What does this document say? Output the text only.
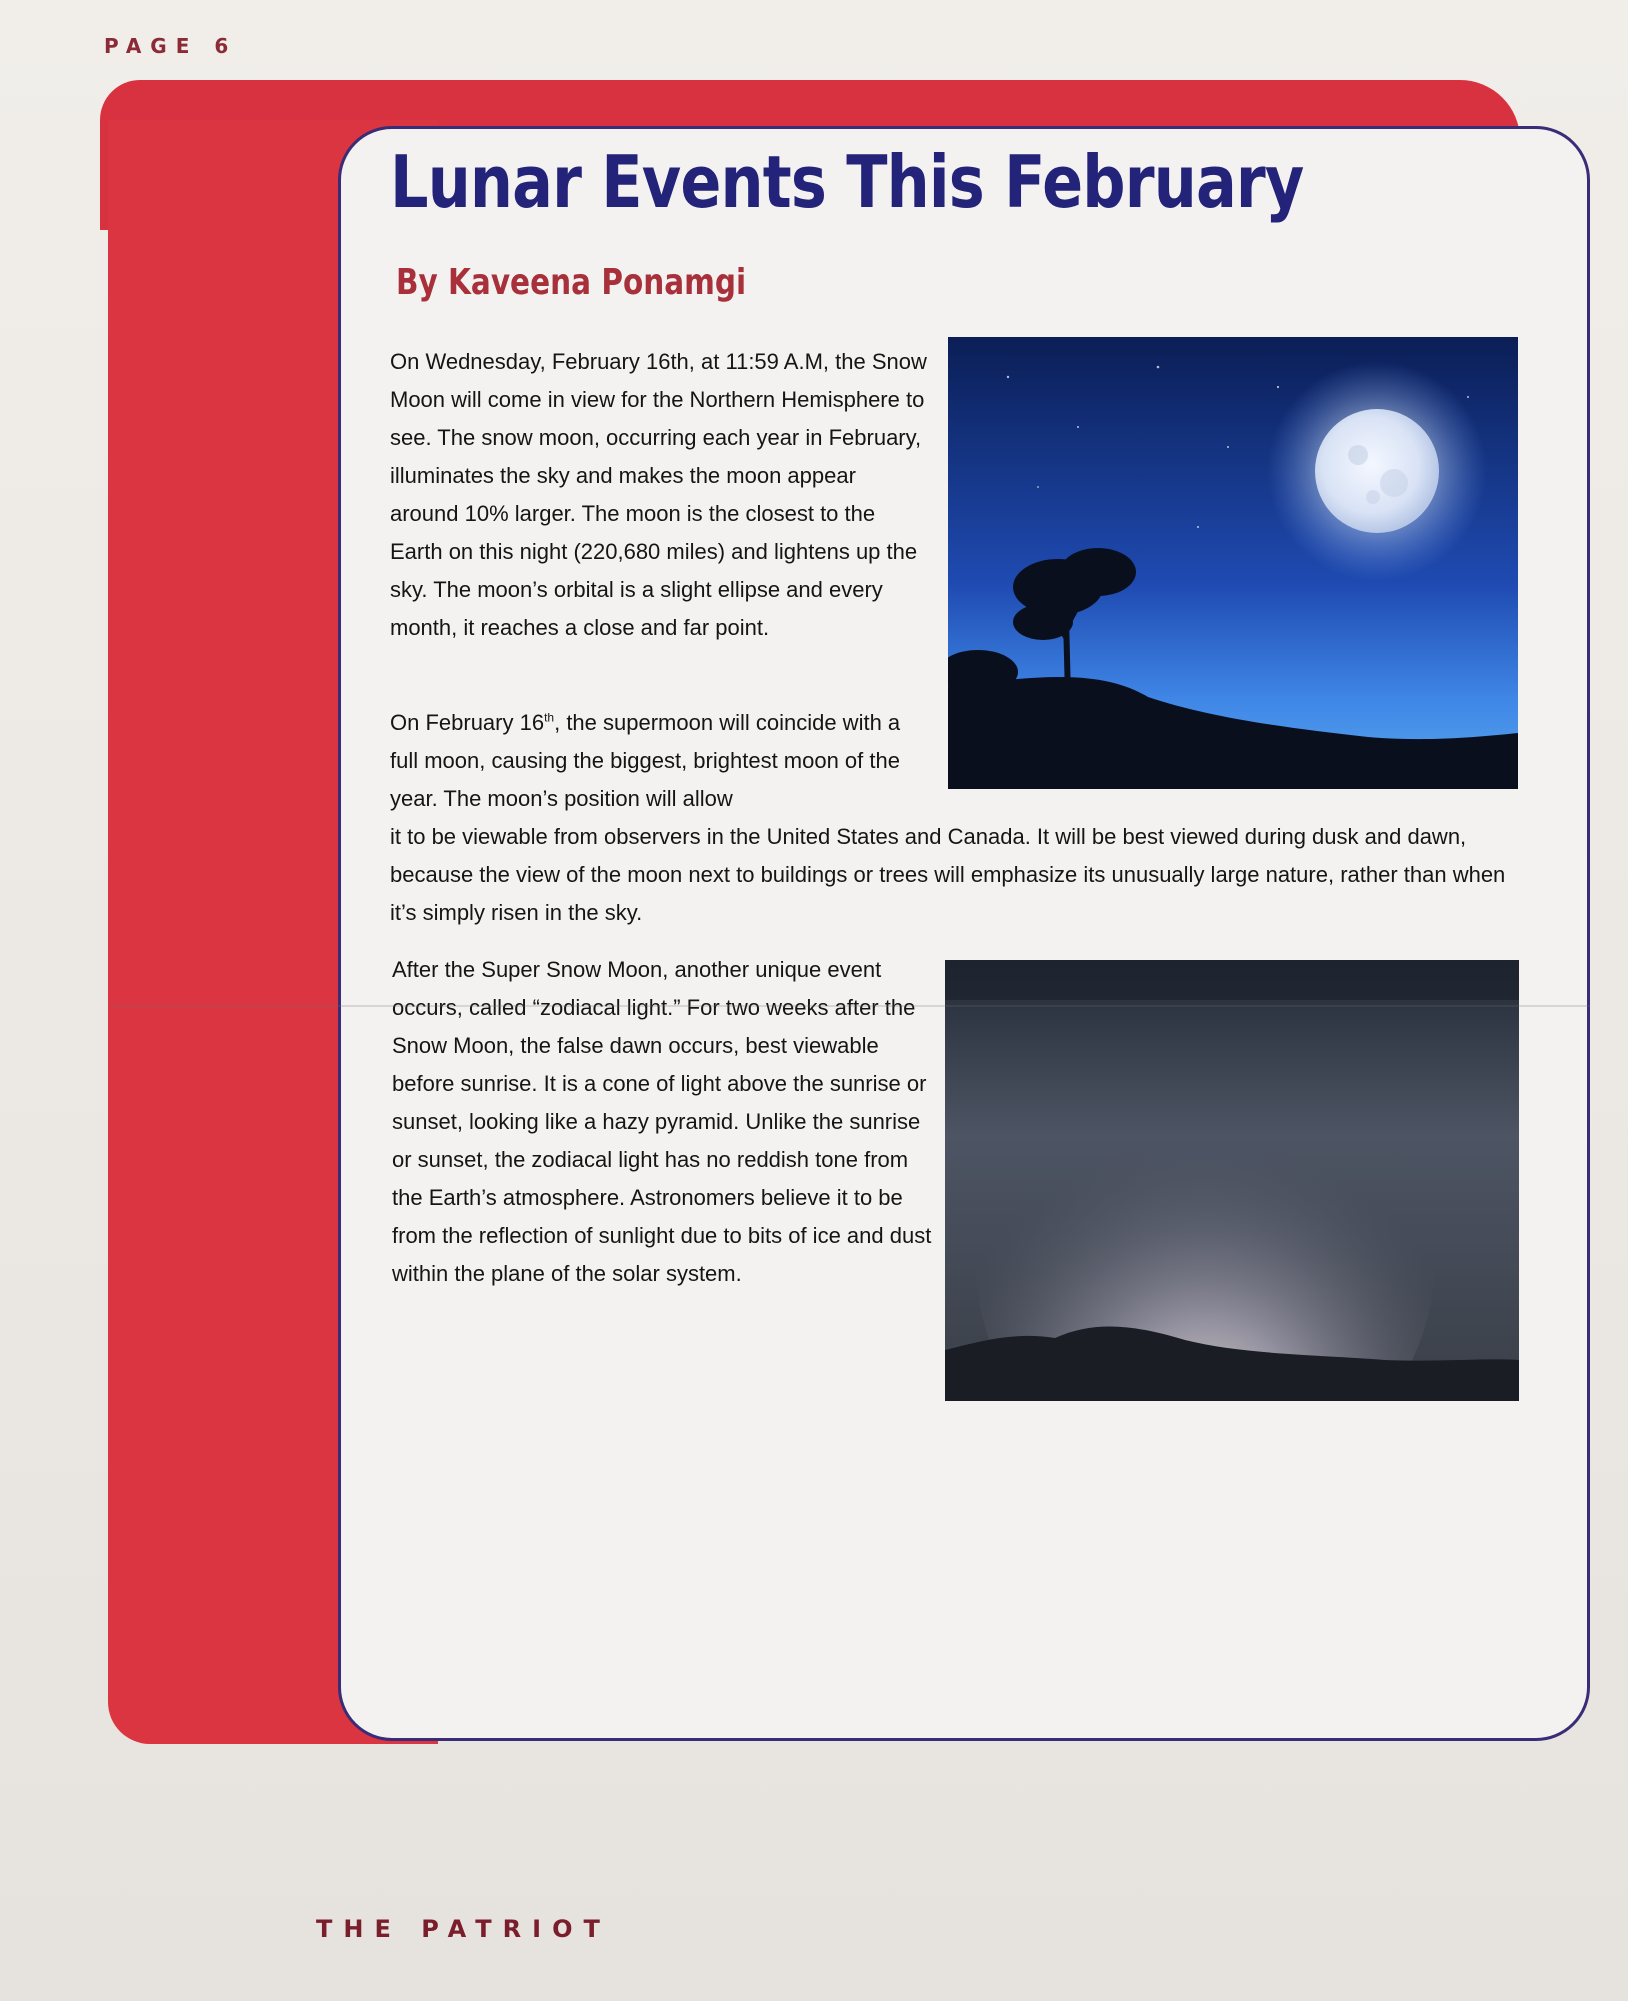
PAGE 6
Lunar Events This February
By Kaveena Ponamgi

On Wednesday, February 16th, at 11:59 A.M, the Snow Moon will come in view for the Northern Hemisphere to see. The snow moon, occurring each year in February, illuminates the sky and makes the moon appear around 10% larger. The moon is the closest to the Earth on this night (220,680 miles) and lightens up the sky. The moon’s orbital is a slight ellipse and every month, it reaches a close and far point.

On February 16th, the supermoon will coincide with a full moon, causing the biggest, brightest moon of the year. The moon’s position will allow

it to be viewable from observers in the United States and Canada. It will be best viewed during dusk and dawn, because the view of the moon next to buildings or trees will emphasize its unusually large nature, rather than when it’s simply risen in the sky.

After the Super Snow Moon, another unique event occurs, called “zodiacal light.” For two weeks after the Snow Moon, the false dawn occurs, best viewable before sunrise. It is a cone of light above the sunrise or sunset, looking like a hazy pyramid. Unlike the sunrise or sunset, the zodiacal light has no reddish tone from the Earth’s atmosphere. Astronomers believe it to be from the reflection of sunlight due to bits of ice and dust within the plane of the solar system.

THE PATRIOT
